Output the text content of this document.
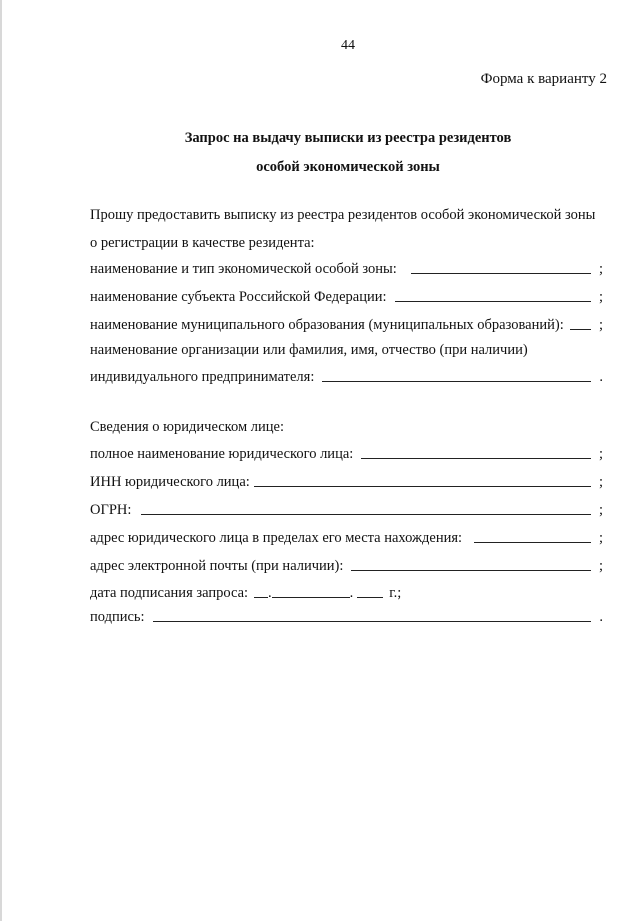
44
Форма к варианту 2
Запрос на выдачу выписки из реестра резидентов
особой экономической зоны
Прошу предоставить выписку из реестра резидентов особой экономической зоны
о регистрации в качестве резидента:
наименование и тип экономической особой зоны:	;
наименование субъекта Российской Федерации:	;
наименование муниципального образования (муниципальных образований): ;
наименование организации или фамилия, имя, отчество (при наличии)
индивидуального предпринимателя:	.
Сведения о юридическом лице:
полное наименование юридического лица:	;
ИНН юридического лица:	;
ОГРН:	;
адрес юридического лица в пределах его места нахождения:	;
адрес электронной почты (при наличии):	;
дата подписания запроса: .	. г.;
подпись:	.
